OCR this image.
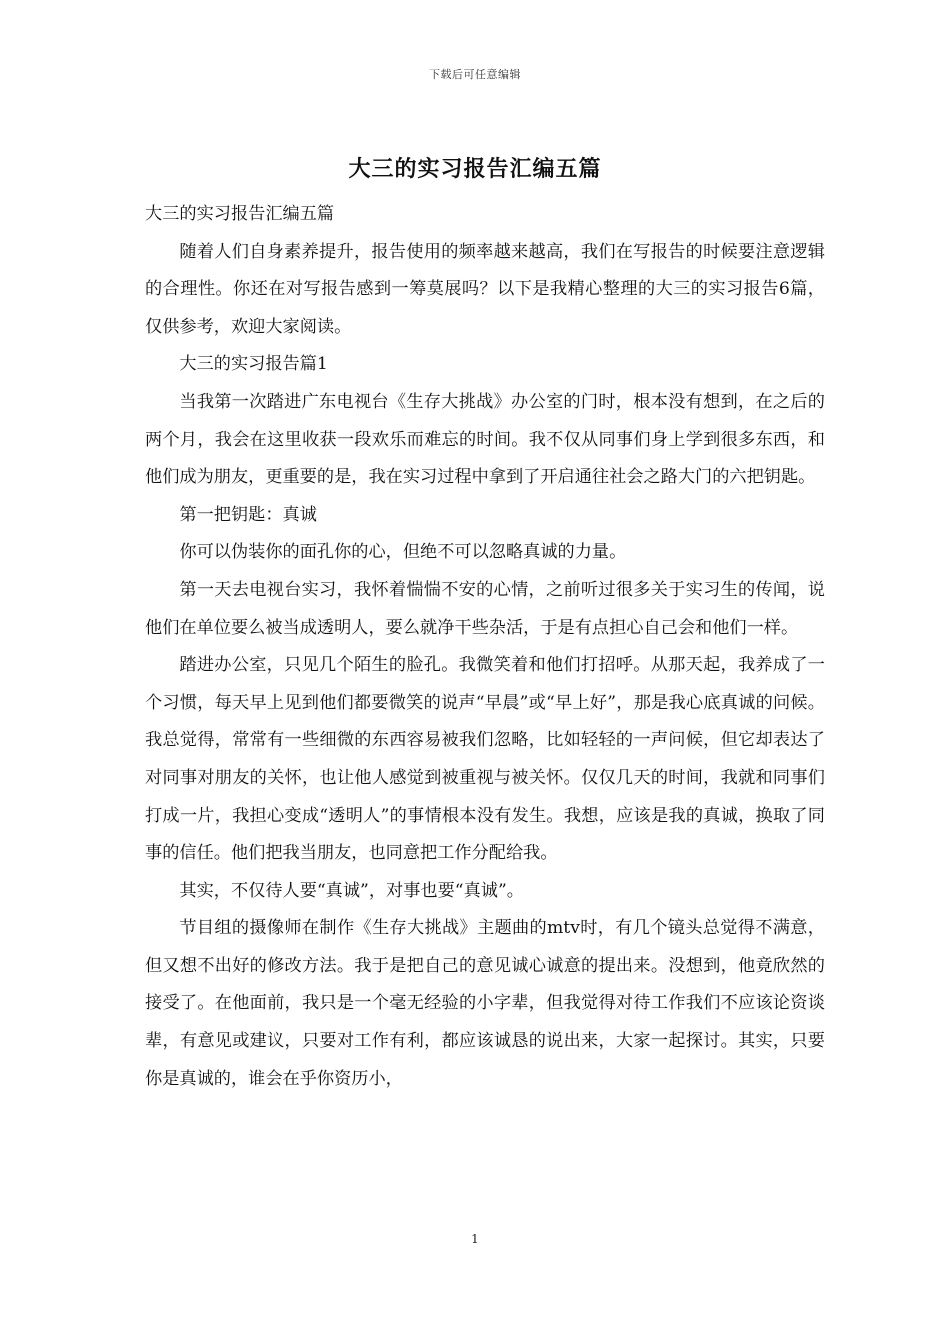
下载后可任意编辑
大三的实习报告汇编五篇

大三的实习报告汇编五篇

随着人们自身素养提升，报告使用的频率越来越高，我们在写报告的时候要注意逻辑的合理性。你还在对写报告感到一筹莫展吗？以下是我精心整理的大三的实习报告6篇，仅供参考，欢迎大家阅读。

大三的实习报告篇1

当我第一次踏进广东电视台《生存大挑战》办公室的门时，根本没有想到，在之后的两个月，我会在这里收获一段欢乐而难忘的时间。我不仅从同事们身上学到很多东西，和他们成为朋友，更重要的是，我在实习过程中拿到了开启通往社会之路大门的六把钥匙。

第一把钥匙：真诚

你可以伪装你的面孔你的心，但绝不可以忽略真诚的力量。

第一天去电视台实习，我怀着惴惴不安的心情，之前听过很多关于实习生的传闻，说他们在单位要么被当成透明人，要么就净干些杂活，于是有点担心自己会和他们一样。

踏进办公室，只见几个陌生的脸孔。我微笑着和他们打招呼。从那天起，我养成了一个习惯，每天早上见到他们都要微笑的说声“早晨”或“早上好”，那是我心底真诚的问候。我总觉得，常常有一些细微的东西容易被我们忽略，比如轻轻的一声问候，但它却表达了对同事对朋友的关怀，也让他人感觉到被重视与被关怀。仅仅几天的时间，我就和同事们打成一片，我担心变成“透明人”的事情根本没有发生。我想，应该是我的真诚，换取了同事的信任。他们把我当朋友，也同意把工作分配给我。

其实，不仅待人要“真诚”，对事也要“真诚”。

节目组的摄像师在制作《生存大挑战》主题曲的mtv时，有几个镜头总觉得不满意，但又想不出好的修改方法。我于是把自己的意见诚心诚意的提出来。没想到，他竟欣然的接受了。在他面前，我只是一个毫无经验的小字辈，但我觉得对待工作我们不应该论资谈辈，有意见或建议，只要对工作有利，都应该诚恳的说出来，大家一起探讨。其实，只要你是真诚的，谁会在乎你资历小，

1
